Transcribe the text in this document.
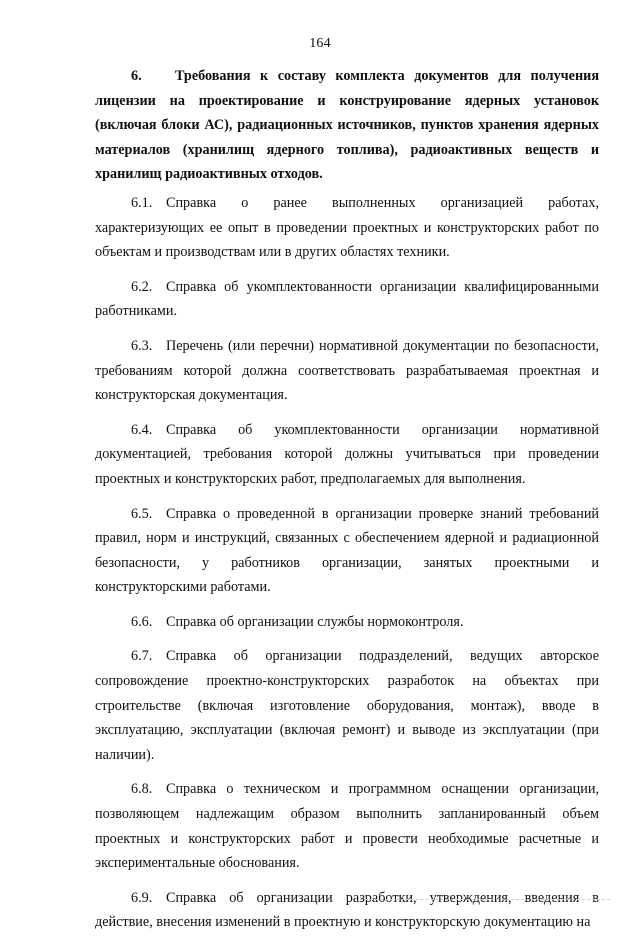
164

6. Требования к составу комплекта документов для получения лицензии на проектирование и конструирование ядерных установок (включая блоки АС), радиационных источников, пунктов хранения ядерных материалов (хранилищ ядерного топлива), радиоактивных веществ и хранилищ радиоактивных отходов.

6.1. Справка о ранее выполненных организацией работах, характеризующих ее опыт в проведении проектных и конструкторских работ по объектам и производствам или в других областях техники.

6.2. Справка об укомплектованности организации квалифицированными работниками.

6.3. Перечень (или перечни) нормативной документации по безопасности, требованиям которой должна соответствовать разрабатываемая проектная и конструкторская документация.

6.4. Справка об укомплектованности организации нормативной документацией, требования которой должны учитываться при проведении проектных и конструкторских работ, предполагаемых для выполнения.

6.5. Справка о проведенной в организации проверке знаний требований правил, норм и инструкций, связанных с обеспечением ядерной и радиационной безопасности, у работников организации, занятых проектными и конструкторскими работами.

6.6. Справка об организации службы нормоконтроля.

6.7. Справка об организации подразделений, ведущих авторское сопровождение проектно-конструкторских разработок на объектах при строительстве (включая изготовление оборудования, монтаж), вводе в эксплуатацию, эксплуатации (включая ремонт) и выводе из эксплуатации (при наличии).

6.8. Справка о техническом и программном оснащении организации, позволяющем надлежащим образом выполнить запланированный объем проектных и конструкторских работ и провести необходимые расчетные и экспериментальные обоснования.

6.9. Справка об организации разработки, утверждения, введения в действие, внесения изменений в проектную и конструкторскую документацию на
